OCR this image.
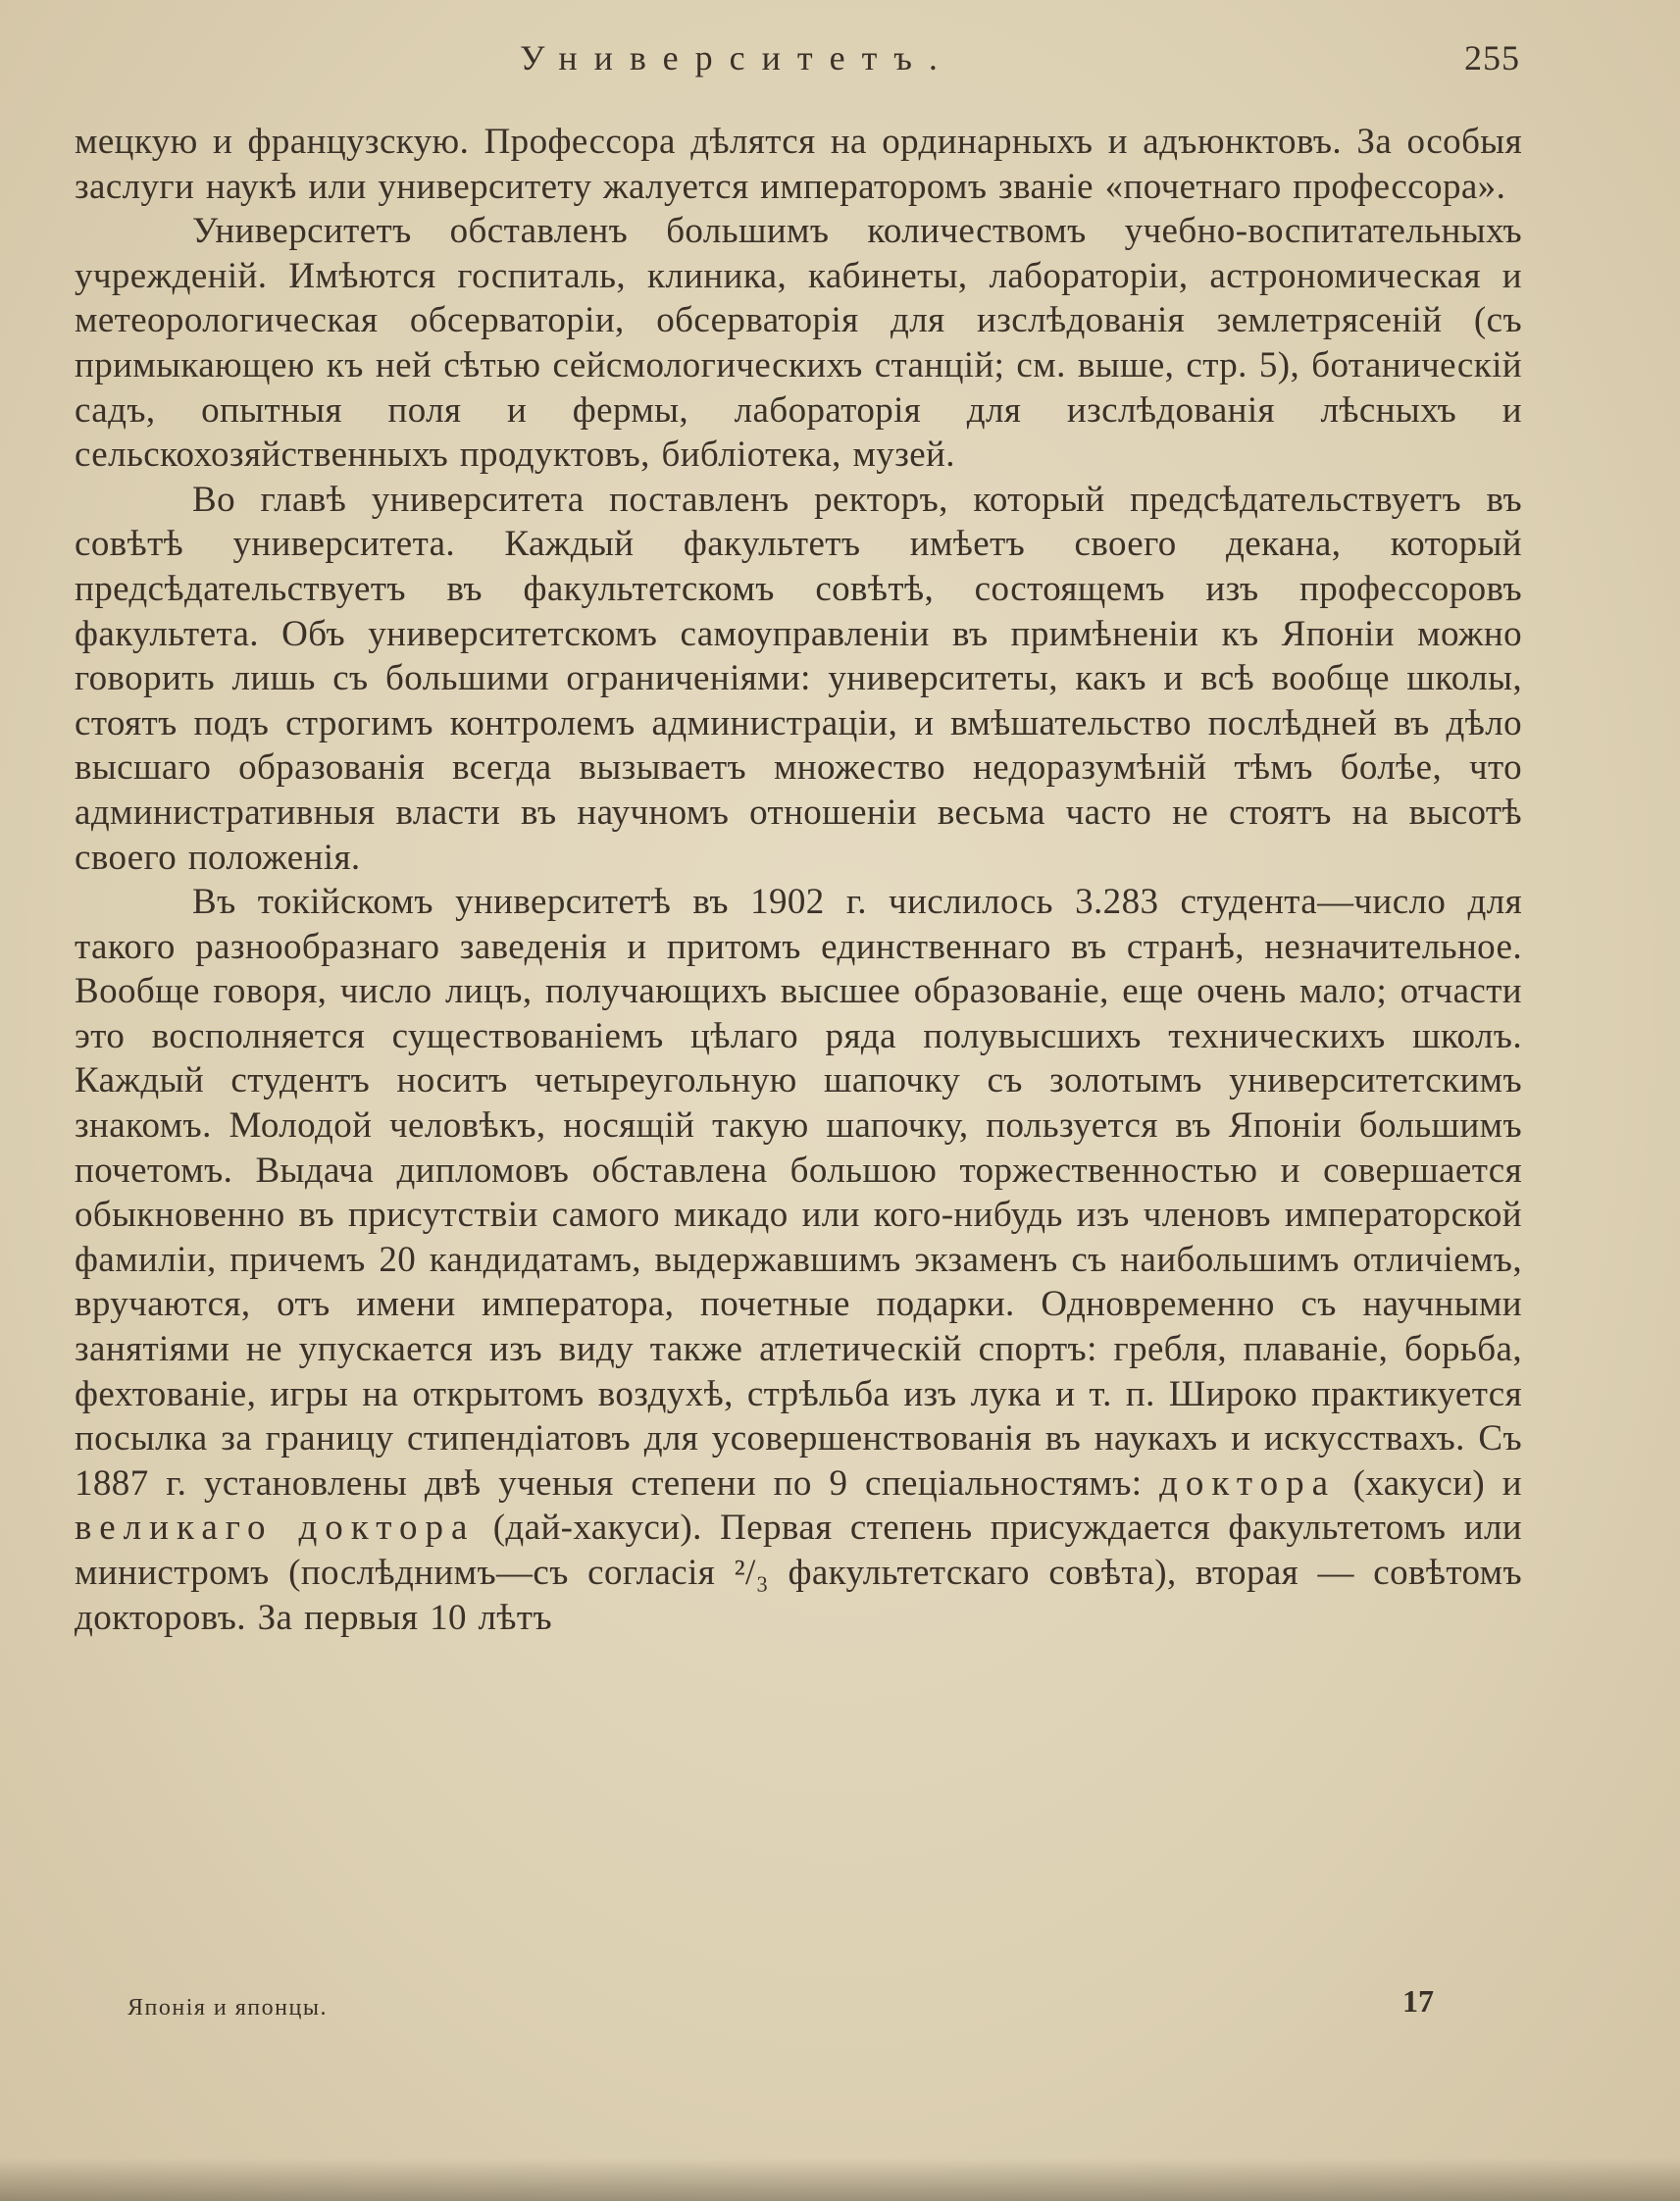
Университетъ.	255

мецкую и французскую. Профессора дѣлятся на ординарныхъ и адъюнктовъ. За особыя заслуги наукѣ или университету жалуется императоромъ званіе «почетнаго профессора».

Университетъ обставленъ большимъ количествомъ учебно-воспитательныхъ учрежденій. Имѣются госпиталь, клиника, кабинеты, лабораторіи, астрономическая и метеорологическая обсерваторіи, обсерваторія для изслѣдованія землетрясеній (съ примыкающею къ ней сѣтью сейсмологическихъ станцій; см. выше, стр. 5), ботаническій садъ, опытныя поля и фермы, лабораторія для изслѣдованія лѣсныхъ и сельскохозяйственныхъ продуктовъ, библіотека, музей.

Во главѣ университета поставленъ ректоръ, который предсѣдательствуетъ въ совѣтѣ университета. Каждый факультетъ имѣетъ своего декана, который предсѣдательствуетъ въ факультетскомъ совѣтѣ, состоящемъ изъ профессоровъ факультета. Объ университетскомъ самоуправленіи въ примѣненіи къ Японіи можно говорить лишь съ большими ограниченіями: университеты, какъ и всѣ вообще школы, стоятъ подъ строгимъ контролемъ администраціи, и вмѣшательство послѣдней въ дѣло высшаго образованія всегда вызываетъ множество недоразумѣній тѣмъ болѣе, что административныя власти въ научномъ отношеніи весьма часто не стоятъ на высотѣ своего положенія.

Въ токійскомъ университетѣ въ 1902 г. числилось 3.283 студента—число для такого разнообразнаго заведенія и притомъ единственнаго въ странѣ, незначительное. Вообще говоря, число лицъ, получающихъ высшее образованіе, еще очень мало; отчасти это восполняется существованіемъ цѣлаго ряда полувысшихъ техническихъ школъ. Каждый студентъ носитъ четыреугольную шапочку съ золотымъ университетскимъ знакомъ. Молодой человѣкъ, носящій такую шапочку, пользуется въ Японіи большимъ почетомъ. Выдача дипломовъ обставлена большою торжественностью и совершается обыкновенно въ присутствіи самого микадо или кого-нибудь изъ членовъ императорской фамиліи, причемъ 20 кандидатамъ, выдержавшимъ экзаменъ съ наибольшимъ отличіемъ, вручаются, отъ имени императора, почетные подарки. Одновременно съ научными занятіями не упускается изъ виду также атлетическій спортъ: гребля, плаваніе, борьба, фехтованіе, игры на открытомъ воздухѣ, стрѣльба изъ лука и т. п. Широко практикуется посылка за границу стипендіатовъ для усовершенствованія въ наукахъ и искусствахъ. Съ 1887 г. установлены двѣ ученыя степени по 9 спеціальностямъ: доктора (хакуси) и великаго доктора (дай-хакуси). Первая степень присуждается факультетомъ или министромъ (послѣднимъ—съ согласія ²/₃ факультетскаго совѣта), вторая — совѣтомъ докторовъ. За первыя 10 лѣтъ

Японія и японцы.	17
